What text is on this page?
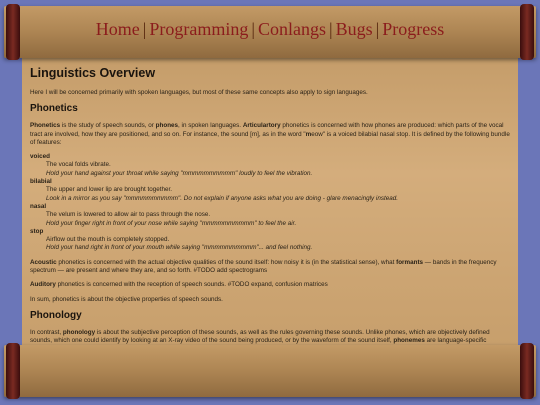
Home | Programming | Conlangs | Bugs | Progress
Linguistics Overview

Here I will be concerned primarily with spoken languages, but most of these same concepts also apply to sign languages.

Phonetics

Phonetics is the study of speech sounds, or phones, in spoken languages. Articulartory phonetics is concerned with how phones are produced: which parts of the vocal tract are involved, how they are positioned, and so on. For instance, the sound [m], as in the word "meow" is a voiced bilabial nasal stop. It is defined by the following bundle of features:

voiced
The vocal folds vibrate.
Hold your hand against your throat while saying "mmmmmmmmmm" loudly to feel the vibration.
bilabial
The upper and lower lip are brought together.
Look in a mirror as you say "mmmmmmmmmm". Do not explain if anyone asks what you are doing - glare menacingly instead.
nasal
The velum is lowered to allow air to pass through the nose.
Hold your finger right in front of your nose while saying "mmmmmmmmmm" to feel the air.
stop
Airflow out the mouth is completely stopped.
Hold your hand right in front of your mouth while saying "mmmmmmmmmm"... and feel nothing.

Acoustic phonetics is concerned with the actual objective qualities of the sound itself: how noisy it is (in the statistical sense), what formants — bands in the frequency spectrum — are present and where they are, and so forth. #TODO add spectrograms

Auditory phonetics is concerned with the reception of speech sounds. #TODO expand, confusion matrices

In sum, phonetics is about the objective properties of speech sounds.

Phonology

In contrast, phonology is about the subjective perception of these sounds, as well as the rules governing these sounds. Unlike phones, which are objectively defined sounds, which one could identify by looking at an X-ray video of the sound being produced, or by the waveform of the sound itself, phonemes are language-specific
